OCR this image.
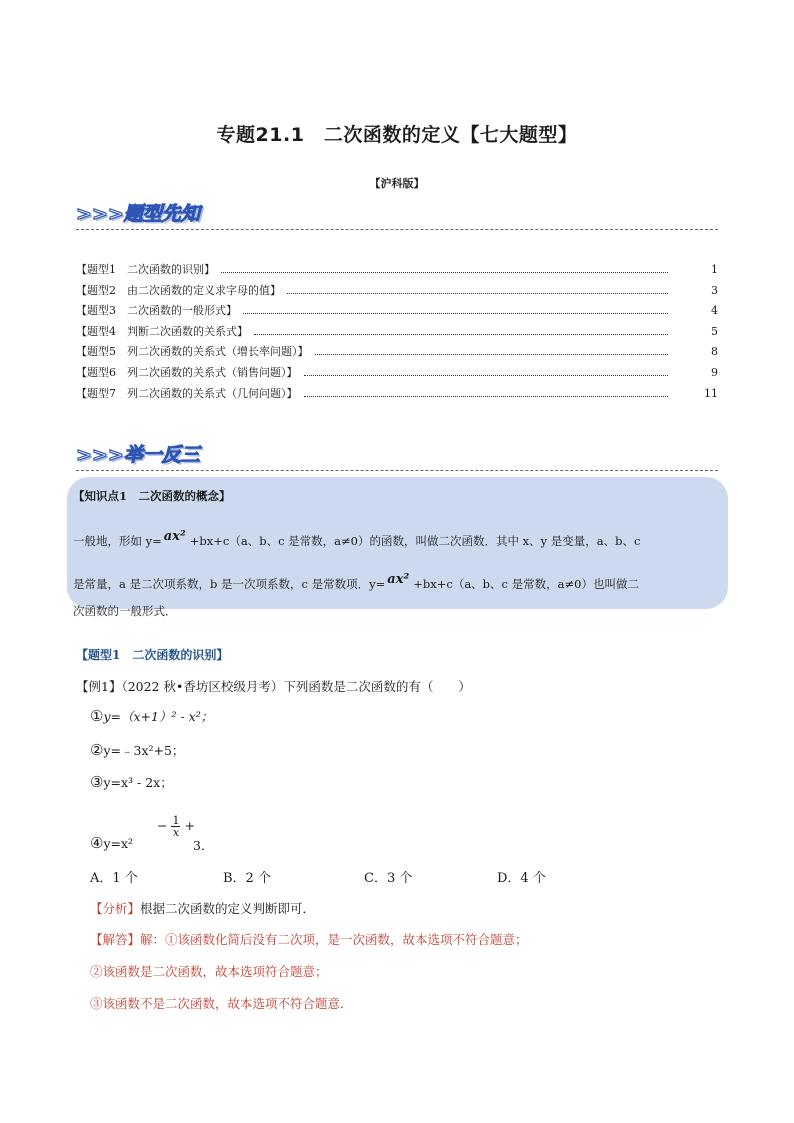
专题21.1　二次函数的定义【七大题型】
【沪科版】
>>>题型先知
【题型1　二次函数的识别】	1
【题型2　由二次函数的定义求字母的值】	3
【题型3　二次函数的一般形式】	4
【题型4　判断二次函数的关系式】	5
【题型5　列二次函数的关系式（增长率问题）】	8
【题型6　列二次函数的关系式（销售问题）】	9
【题型7　列二次函数的关系式（几何问题）】	11
>>>举一反三
【知识点1　二次函数的概念】
一般地，形如 y= ax² +bx+c（a、b、c 是常数，a≠0）的函数，叫做二次函数．其中 x、y 是变量，a、b、c
是常量，a 是二次项系数，b 是一次项系数，c 是常数项．y= ax² +bx+c（a、b、c 是常数，a≠0）也叫做二
次函数的一般形式．
【题型1　二次函数的识别】
【例1】（2022 秋•香坊区校级月考）下列函数是二次函数的有（　　）
①y=（x+1）² - x²；
②y=﹣3x²+5；
③y=x³ - 2x；
④y=x²
− $\frac{1}{x}$ +
3．
A．1 个	B．2 个	C．3 个	D．4 个
【分析】根据二次函数的定义判断即可．
【解答】解：①该函数化简后没有二次项，是一次函数，故本选项不符合题意；
②该函数是二次函数，故本选项符合题意；
③该函数不是二次函数，故本选项不符合题意．
